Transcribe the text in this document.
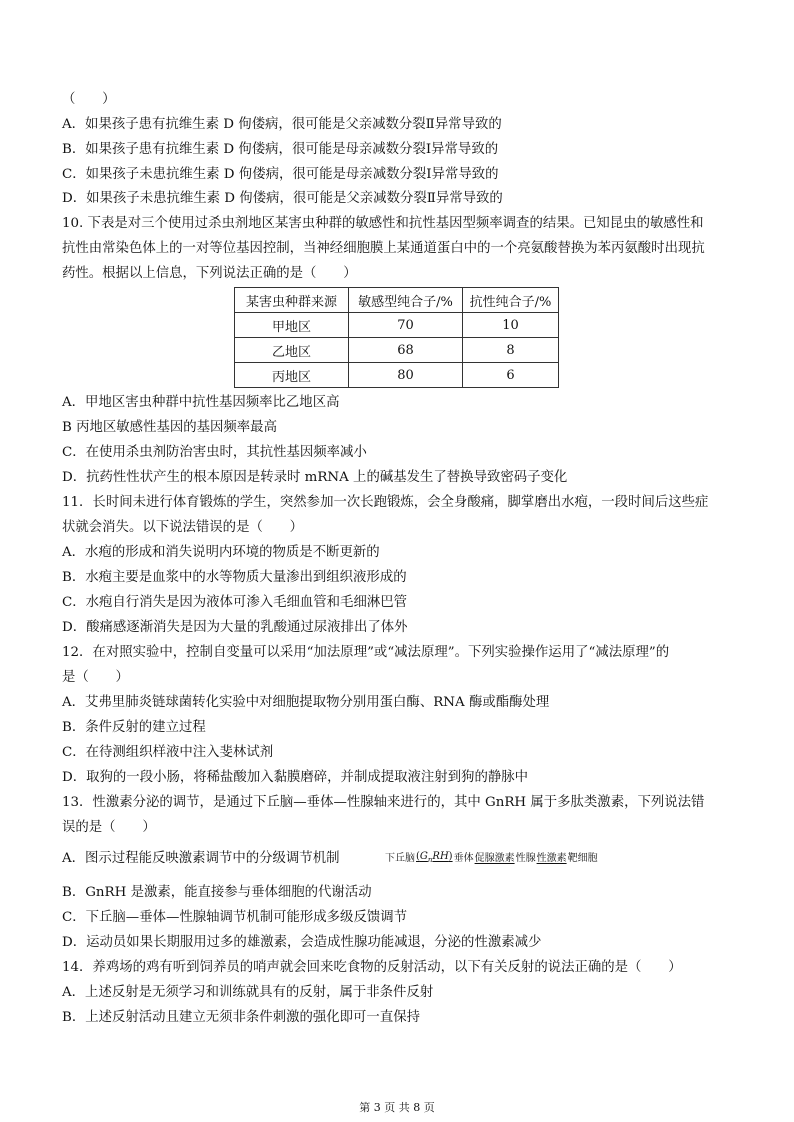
（　　）
A．如果孩子患有抗维生素 D 佝偻病，很可能是父亲减数分裂Ⅱ异常导致的
B．如果孩子患有抗维生素 D 佝偻病，很可能是母亲减数分裂Ⅰ异常导致的
C．如果孩子未患抗维生素 D 佝偻病，很可能是母亲减数分裂Ⅰ异常导致的
D．如果孩子未患抗维生素 D 佝偻病，很可能是父亲减数分裂Ⅱ异常导致的
10. 下表是对三个使用过杀虫剂地区某害虫种群的敏感性和抗性基因型频率调查的结果。已知昆虫的敏感性和
抗性由常染色体上的一对等位基因控制，当神经细胞膜上某通道蛋白中的一个亮氨酸替换为苯丙氨酸时出现抗
药性。根据以上信息，下列说法正确的是（　　）
某害虫种群来源	敏感型纯合子/%	抗性纯合子/%
甲地区	70	10
乙地区	68	8
丙地区	80	6
A．甲地区害虫种群中抗性基因频率比乙地区高
B 丙地区敏感性基因的基因频率最高
C．在使用杀虫剂防治害虫时，其抗性基因频率减小
D．抗药性性状产生的根本原因是转录时 mRNA 上的碱基发生了替换导致密码子变化
11．长时间未进行体育锻炼的学生，突然参加一次长跑锻炼，会全身酸痛，脚掌磨出水疱，一段时间后这些症
状就会消失。以下说法错误的是（　　）
A．水疱的形成和消失说明内环境的物质是不断更新的
B．水疱主要是血浆中的水等物质大量渗出到组织液形成的
C．水疱自行消失是因为液体可渗入毛细血管和毛细淋巴管
D．酸痛感逐渐消失是因为大量的乳酸通过尿液排出了体外
12．在对照实验中，控制自变量可以采用“加法原理”或“减法原理”。下列实验操作运用了“减法原理”的
是（　　）
A．艾弗里肺炎链球菌转化实验中对细胞提取物分别用蛋白酶、RNA 酶或酯酶处理
B．条件反射的建立过程
C．在待测组织样液中注入斐林试剂
D．取狗的一段小肠，将稀盐酸加入黏膜磨碎，并制成提取液注射到狗的静脉中
13．性激素分泌的调节，是通过下丘脑—垂体—性腺轴来进行的，其中 GnRH 属于多肽类激素，下列说法错
误的是（　　）
A．图示过程能反映激素调节中的分级调节机制	下丘脑 $(G_nRH)$ 垂体 促腺激素 性腺 性激素 靶细胞
B．GnRH 是激素，能直接参与垂体细胞的代谢活动
C．下丘脑—垂体—性腺轴调节机制可能形成多级反馈调节
D．运动员如果长期服用过多的雄激素，会造成性腺功能减退，分泌的性激素减少
14．养鸡场的鸡有听到饲养员的哨声就会回来吃食物的反射活动，以下有关反射的说法正确的是（　　）
A．上述反射是无须学习和训练就具有的反射，属于非条件反射
B．上述反射活动且建立无须非条件刺激的强化即可一直保持
第 3 页 共 8 页
